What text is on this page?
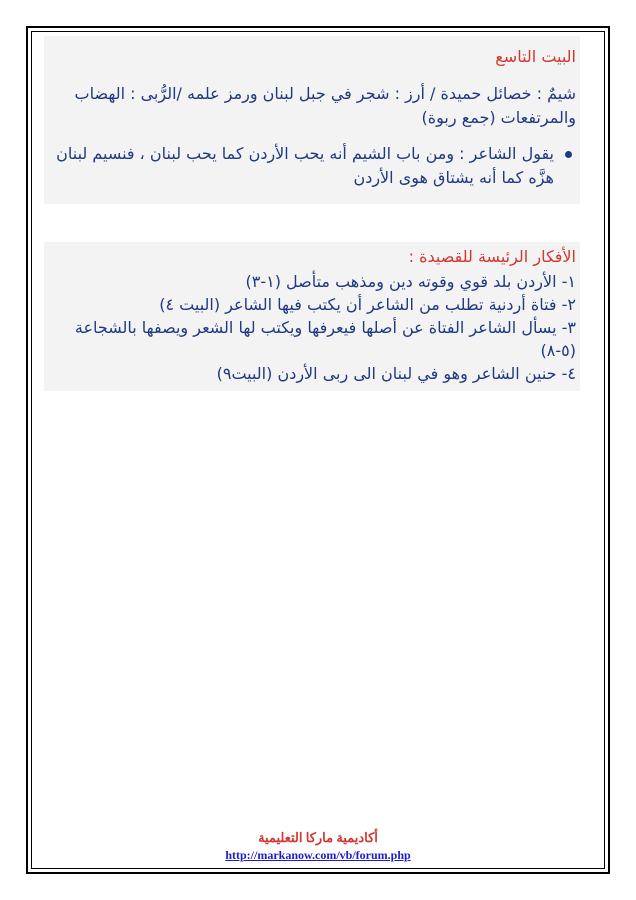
البيت التاسع

شيمٌ : خصائل حميدة / أرز : شجر في جبل لبنان ورمز علمه /الرُّبى : الهضاب والمرتفعات (جمع ربوة)

يقول الشاعر : ومن باب الشيم أنه يحب الأردن كما يحب لبنان ، فنسيم لبنان هزَّه كما أنه يشتاق هوى الأردن

الأفكار الرئيسة للقصيدة :

١- الأردن بلد قوي وقوته دين ومذهب متأصل (١-٣)
٢- فتاة أردنية تطلب من الشاعر أن يكتب فيها الشاعر (البيت ٤)
٣- يسأل الشاعر الفتاة عن أصلها فيعرفها ويكتب لها الشعر ويصفها بالشجاعة (٥-٨)
٤- حنين الشاعر وهو في لبنان الى ربى الأردن (البيت٩)
أكاديمية ماركا التعليمية
http://markanow.com/vb/forum.php
